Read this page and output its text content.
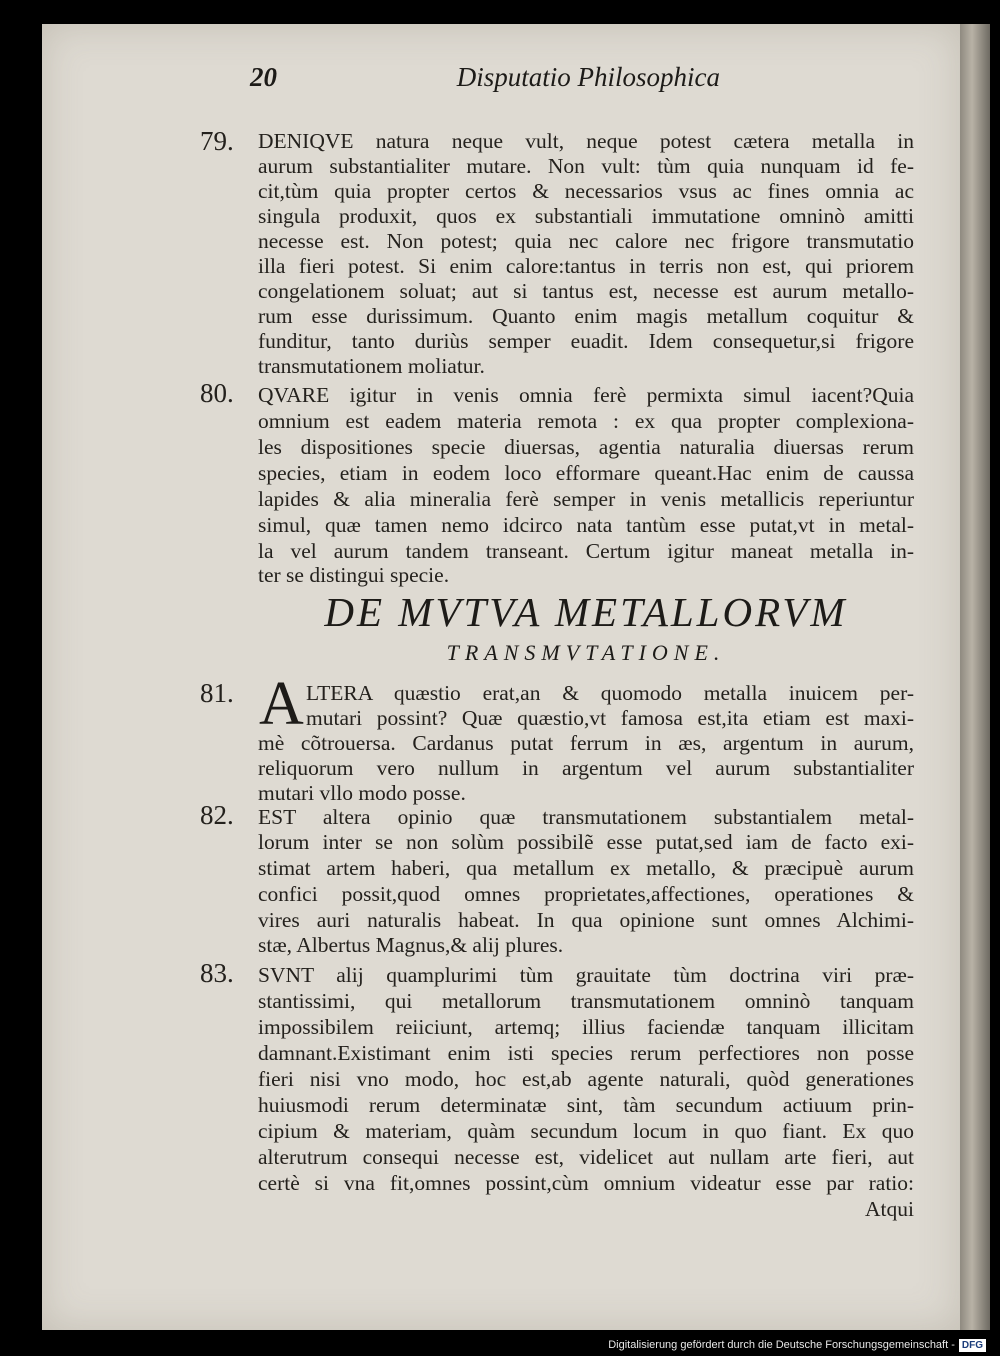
20	Disputatio Philosophica
79.	DENIQVE natura neque vult, neque potest cætera metalla in
aurum substantialiter mutare. Non vult: tùm quia nunquam id fe-
cit,tùm quia propter certos & necessarios vsus ac fines omnia ac
singula produxit, quos ex substantiali immutatione omninò amitti
necesse est. Non potest; quia nec calore nec frigore transmutatio
illa fieri potest. Si enim calore:tantus in terris non est, qui priorem
congelationem soluat; aut si tantus est, necesse est aurum metallo-
rum esse durissimum. Quanto enim magis metallum coquitur &
funditur, tanto duriùs semper euadit. Idem consequetur,si frigore
transmutationem moliatur.
80.	QVARE igitur in venis omnia ferè permixta simul iacent?Quia
omnium est eadem materia remota : ex qua propter complexiona-
les dispositiones specie diuersas, agentia naturalia diuersas rerum
species, etiam in eodem loco efformare queant.Hac enim de caussa
lapides & alia mineralia ferè semper in venis metallicis reperiuntur
simul, quæ tamen nemo idcirco nata tantùm esse putat,vt in metal-
la vel aurum tandem transeant. Certum igitur maneat metalla in-
ter se distingui specie.
DE MVTVA METALLORVM
TRANSMVTATIONE.
81. A LTERA quæstio erat,an & quomodo metalla inuicem per-
mutari possint? Quæ quæstio,vt famosa est,ita etiam est maxi-
mè cõtrouersa. Cardanus putat ferrum in æs, argentum in aurum,
reliquorum vero nullum in argentum vel aurum substantialiter
mutari vllo modo posse.
82.	EST altera opinio quæ transmutationem substantialem metal-
lorum inter se non solùm possibilẽ esse putat,sed iam de facto exi-
stimat artem haberi, qua metallum ex metallo, & præcipuè aurum
confici possit,quod omnes proprietates,affectiones, operationes &
vires auri naturalis habeat. In qua opinione sunt omnes Alchimi-
stæ, Albertus Magnus,& alij plures.
83.	SVNT alij quamplurimi tùm grauitate tùm doctrina viri præ-
stantissimi, qui metallorum transmutationem omninò tanquam
impossibilem reiiciunt, artemq; illius faciendæ tanquam illicitam
damnant.Existimant enim isti species rerum perfectiores non posse
fieri nisi vno modo, hoc est,ab agente naturali, quòd generationes
huiusmodi rerum determinatæ sint, tàm secundum actiuum prin-
cipium & materiam, quàm secundum locum in quo fiant. Ex quo
alterutrum consequi necesse est, videlicet aut nullam arte fieri, aut
certè si vna fit,omnes possint,cùm omnium videatur esse par ratio:
Atqui
Digitalisierung gefördert durch die Deutsche Forschungsgemeinschaft - DFG
